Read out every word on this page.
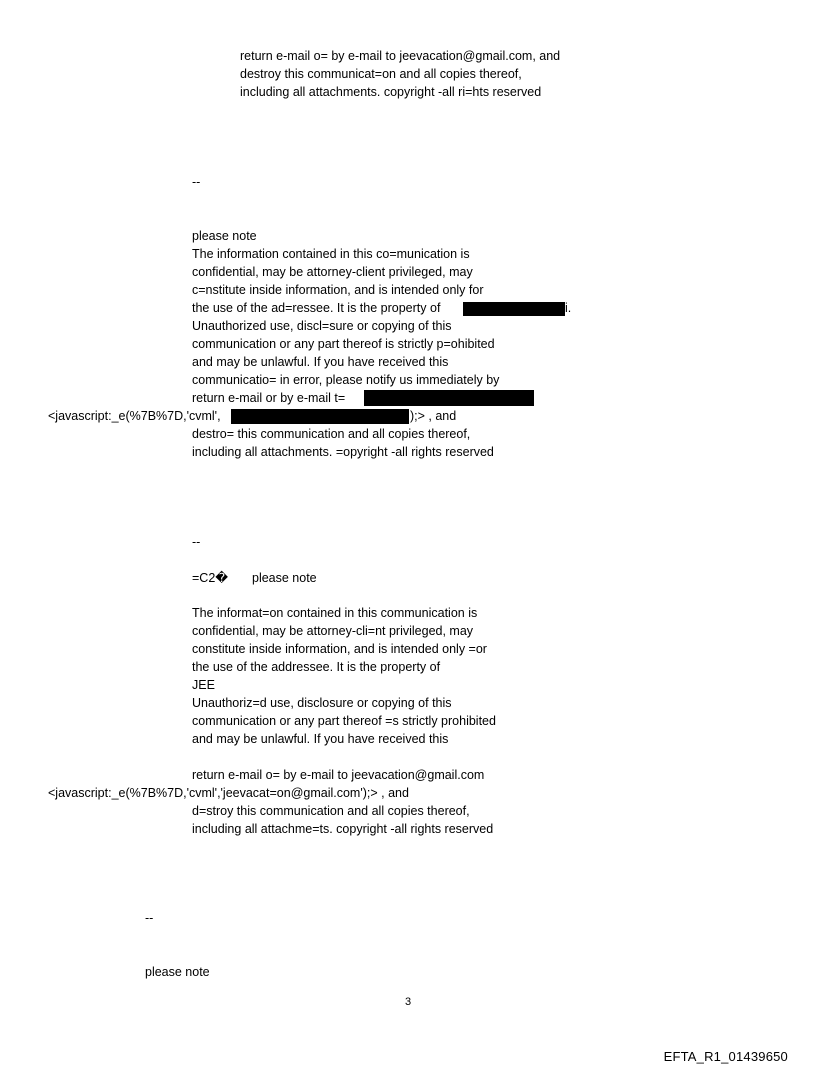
return e-mail o= by e-mail to jeevacation@gmail.com, and
destroy this communicat=on and all copies thereof,
including all attachments. copyright -all ri=hts reserved
--
please note
The information contained in this co=munication is
confidential, may be attorney-client privileged, may
c=nstitute inside information, and is intended only for
the use of the ad=ressee. It is the property of	i.
Unauthorized use, discl=sure or copying of this
communication or any part thereof is strictly p=ohibited
and may be unlawful. If you have received this
communicatio= in error, please notify us immediately by
return e-mail or by e-mail t=
<javascript:_e(%7B%7D,'cvml',	);> , and
destro= this communication and all copies thereof,
including all attachments. =opyright -all rights reserved
--
=C2� please note
The informat=on contained in this communication is
confidential, may be attorney-cli=nt privileged, may
constitute inside information, and is intended only =or
the use of the addressee. It is the property of
JEE
Unauthoriz=d use, disclosure or copying of this
communication or any part thereof =s strictly prohibited
and may be unlawful. If you have received this
return e-mail o= by e-mail to jeevacation@gmail.com
<javascript:_e(%7B%7D,'cvml','jeevacat=on@gmail.com');> , and
d=stroy this communication and all copies thereof,
including all attachme=ts. copyright -all rights reserved
--
please note
3
EFTA_R1_01439650
